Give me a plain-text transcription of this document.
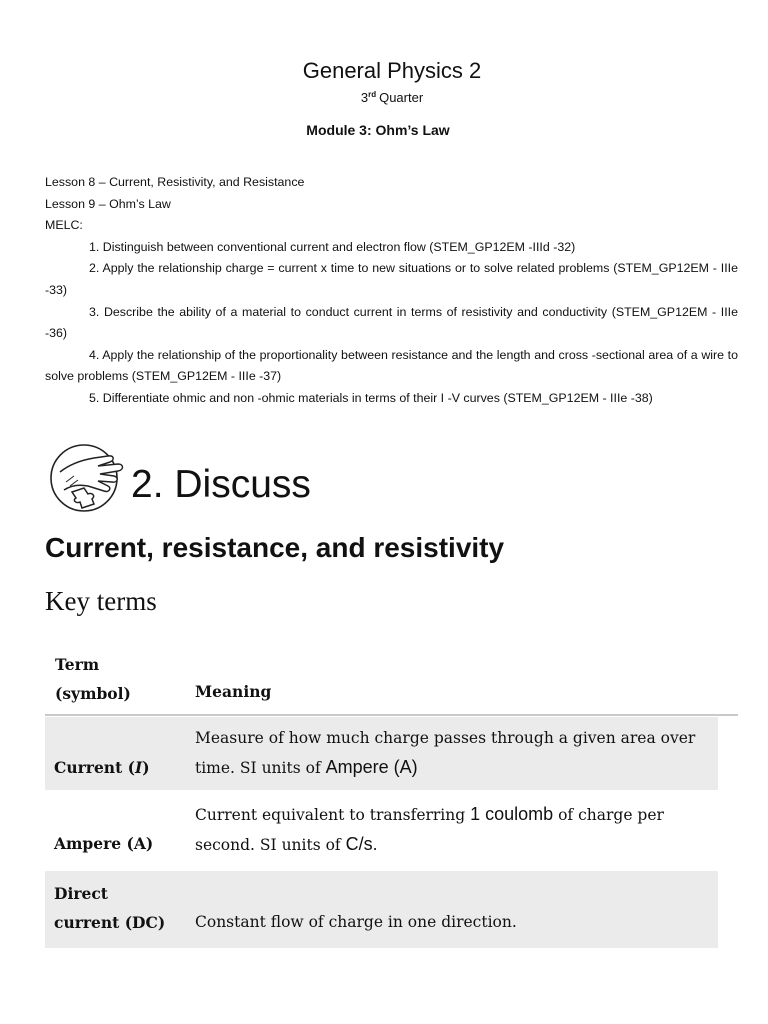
General Physics 2
3rd Quarter
Module 3: Ohm’s Law
Lesson 8 – Current, Resistivity, and Resistance
Lesson 9 – Ohm’s Law
MELC:
1. Distinguish between conventional current and electron flow (STEM_GP12EM -IIId -32)
2. Apply the relationship charge = current x time to new situations or to solve related problems (STEM_GP12EM - IIIe -33)
3. Describe the ability of a material to conduct current in terms of resistivity and conductivity (STEM_GP12EM - IIIe -36)
4. Apply the relationship of the proportionality between resistance and the length and cross -sectional area of a wire to solve problems (STEM_GP12EM - IIIe -37)
5. Differentiate ohmic and non -ohmic materials in terms of their I -V curves (STEM_GP12EM - IIIe -38)
2. Discuss
Current, resistance, and resistivity
Key terms
Term
(symbol)	Meaning
Current (I)
Measure of how much charge passes through a given area over time. SI units of Ampere (A)
Ampere (A)
Current equivalent to transferring 1 coulomb of charge per second. SI units of C/s.
Direct
current (DC)	Constant flow of charge in one direction.
